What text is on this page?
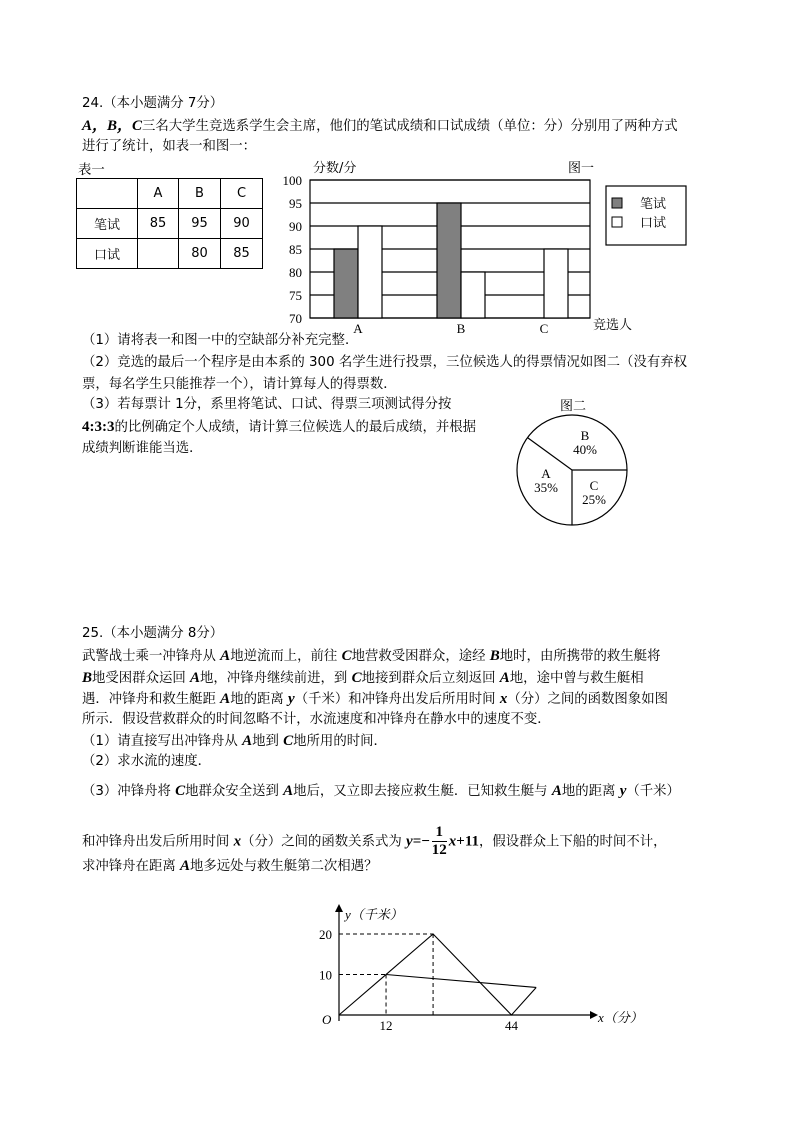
24.（本小题满分 7分）
A，B，C三名大学生竞选系学生会主席，他们的笔试成绩和口试成绩（单位：分）分别用了两种方式
进行了统计，如表一和图一：
表一
	A	B	C
笔试	85	95	90
口试		80	85
70
75
80
85
90
95
100
分数/分	图一
竞选人
A	B	C
笔试
口试
图二
B
40%
A
35% C
25%
y（千米）
x（分）
O
10
20
12	44
（1）请将表一和图一中的空缺部分补充完整．
（2）竞选的最后一个程序是由本系的 300 名学生进行投票，三位候选人的得票情况如图二（没有弃权
票，每名学生只能推荐一个），请计算每人的得票数．
（3）若每票计 1分，系里将笔试、口试、得票三项测试得分按
4:3:3的比例确定个人成绩，请计算三位候选人的最后成绩，并根据
成绩判断谁能当选．
25.（本小题满分 8分）
武警战士乘一冲锋舟从 A地逆流而上，前往 C地营救受困群众，途经 B地时，由所携带的救生艇将
B地受困群众运回 A地，冲锋舟继续前进，到 C地接到群众后立刻返回 A地，途中曾与救生艇相
遇．冲锋舟和救生艇距 A地的距离 y（千米）和冲锋舟出发后所用时间 x（分）之间的函数图象如图
所示．假设营救群众的时间忽略不计，水流速度和冲锋舟在静水中的速度不变．
（1）请直接写出冲锋舟从 A地到 C地所用的时间．
（2）求水流的速度．
（3）冲锋舟将 C地群众安全送到 A地后，又立即去接应救生艇．已知救生艇与 A地的距离 y（千米）
和冲锋舟出发后所用时间 x（分）之间的函数关系式为 $y=- \frac{1}{12} x+11$，假设群众上下船的时间不计，
求冲锋舟在距离 A地多远处与救生艇第二次相遇？
